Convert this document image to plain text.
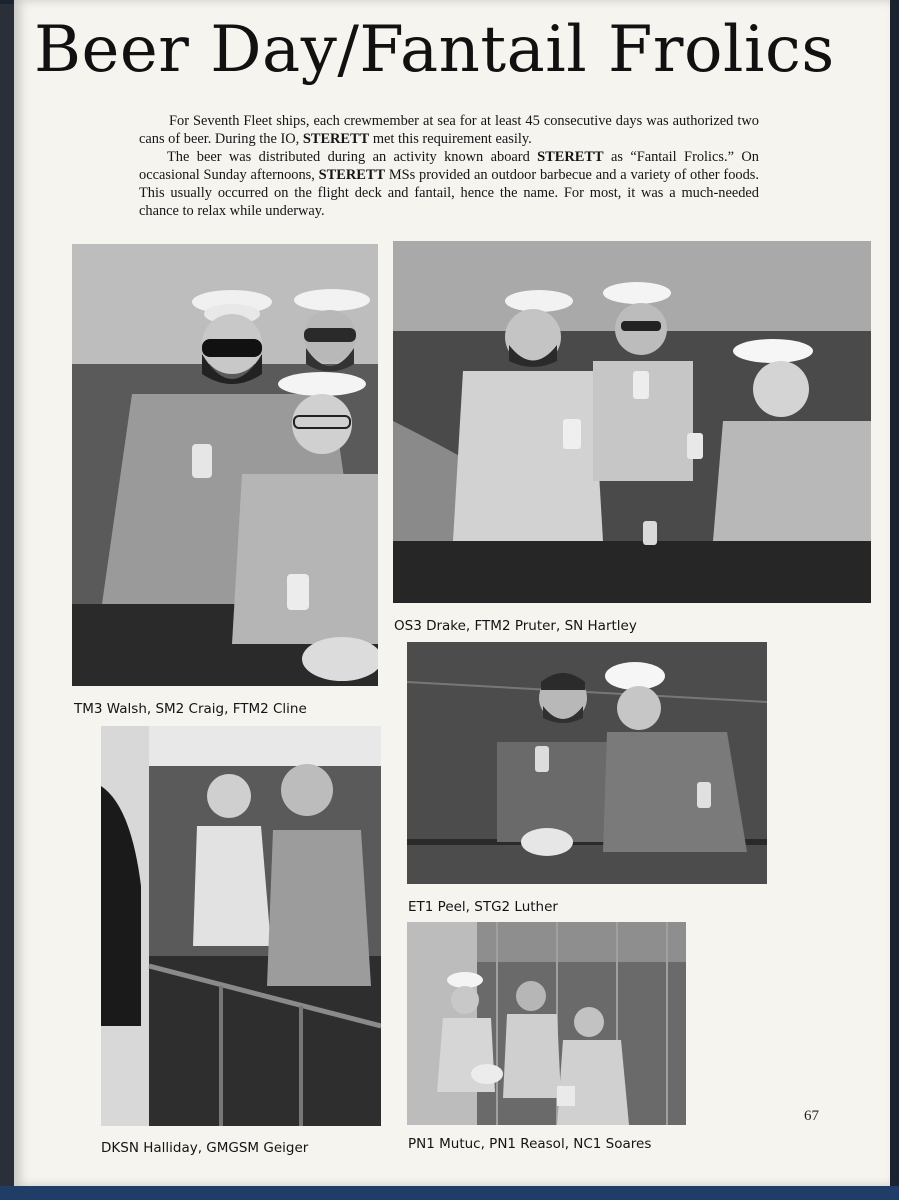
Beer Day/Fantail Frolics

For Seventh Fleet ships, each crewmember at sea for at least 45 consecutive days was authorized two cans of beer. During the IO, STERETT met this requirement easily.

The beer was distributed during an activity known aboard STERETT as “Fantail Frolics.” On occasional Sunday afternoons, STERETT MSs provided an outdoor barbecue and a variety of other foods. This usually occurred on the flight deck and fantail, hence the name. For most, it was a much-needed chance to relax while underway.

TM3 Walsh, SM2 Craig, FTM2 Cline
OS3 Drake, FTM2 Pruter, SN Hartley
ET1 Peel, STG2 Luther
DKSN Halliday, GMGSM Geiger	PN1 Mutuc, PN1 Reasol, NC1 Soares
67
